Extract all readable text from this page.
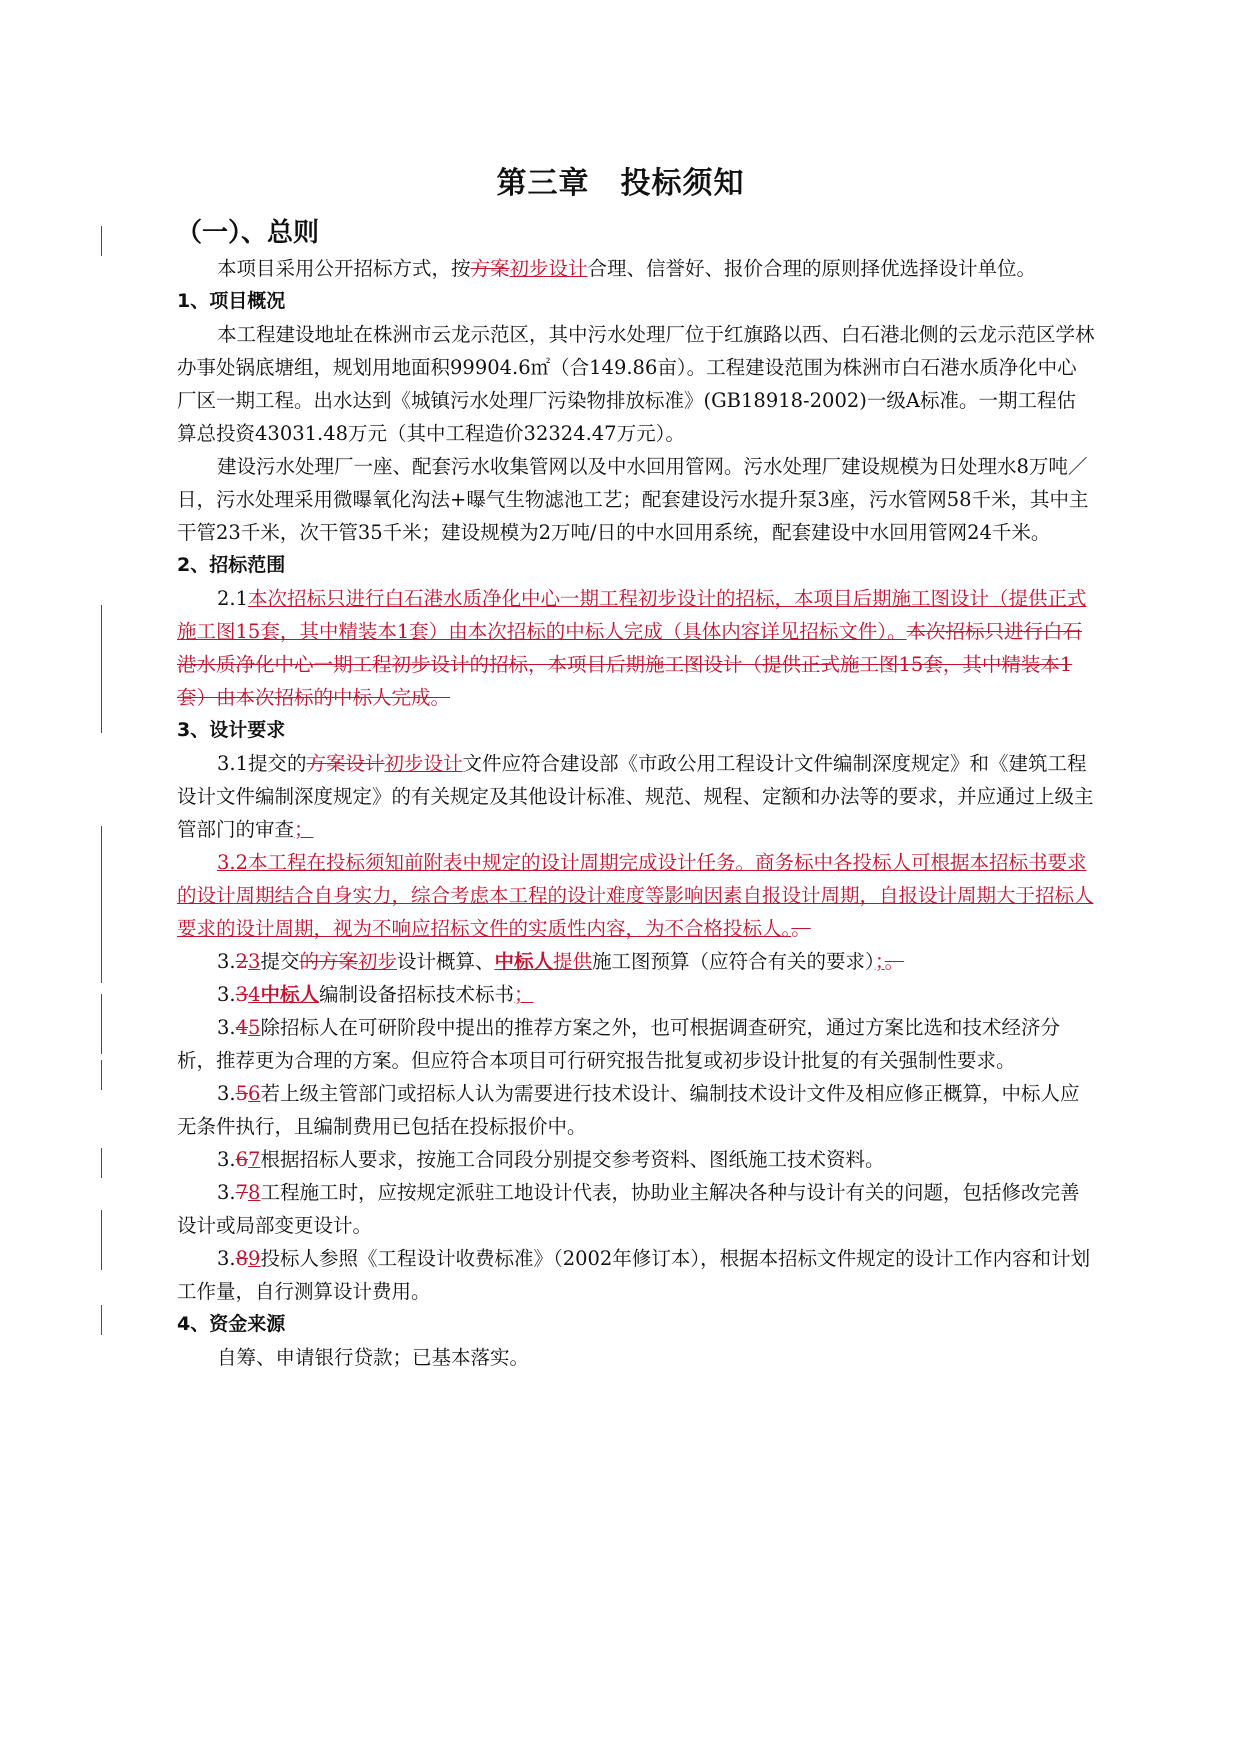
第三章　投标须知
（一）、总则

本项目采用公开招标方式，按方案初步设计合理、信誉好、报价合理的原则择优选择设计单位。

1、项目概况

本工程建设地址在株洲市云龙示范区，其中污水处理厂位于红旗路以西、白石港北侧的云龙示范区学林办事处锅底塘组，规划用地面积99904.6㎡（合149.86亩）。工程建设范围为株洲市白石港水质净化中心厂区一期工程。出水达到《城镇污水处理厂污染物排放标准》(GB18918-2002)一级A标准。一期工程估算总投资43031.48万元（其中工程造价32324.47万元）。

建设污水处理厂一座、配套污水收集管网以及中水回用管网。污水处理厂建设规模为日处理水8万吨／日，污水处理采用微曝氧化沟法+曝气生物滤池工艺；配套建设污水提升泵3座，污水管网58千米，其中主干管23千米，次干管35千米；建设规模为2万吨/日的中水回用系统，配套建设中水回用管网24千米。

2、招标范围

2.1本次招标只进行白石港水质净化中心一期工程初步设计的招标，本项目后期施工图设计（提供正式施工图15套，其中精装本1套）由本次招标的中标人完成（具体内容详见招标文件）。本次招标只进行白石港水质净化中心一期工程初步设计的招标，本项目后期施工图设计（提供正式施工图15套，其中精装本1套）由本次招标的中标人完成。

3、设计要求

3.1提交的方案设计初步设计文件应符合建设部《市政公用工程设计文件编制深度规定》和《建筑工程设计文件编制深度规定》的有关规定及其他设计标准、规范、规程、定额和办法等的要求，并应通过上级主管部门的审查；

3.2本工程在投标须知前附表中规定的设计周期完成设计任务。商务标中各投标人可根据本招标书要求的设计周期结合自身实力，综合考虑本工程的设计难度等影响因素自报设计周期，自报设计周期大于招标人要求的设计周期，视为不响应招标文件的实质性内容，为不合格投标人。。

3.23提交的方案初步设计概算、中标人提供施工图预算（应符合有关的要求）；。

3.34中标人编制设备招标技术标书；

3.45除招标人在可研阶段中提出的推荐方案之外，也可根据调查研究，通过方案比选和技术经济分析，推荐更为合理的方案。但应符合本项目可行研究报告批复或初步设计批复的有关强制性要求。

3.56若上级主管部门或招标人认为需要进行技术设计、编制技术设计文件及相应修正概算，中标人应无条件执行，且编制费用已包括在投标报价中。

3.67根据招标人要求，按施工合同段分别提交参考资料、图纸施工技术资料。

3.78工程施工时，应按规定派驻工地设计代表，协助业主解决各种与设计有关的问题，包括修改完善设计或局部变更设计。

3.89投标人参照《工程设计收费标准》（2002年修订本），根据本招标文件规定的设计工作内容和计划工作量，自行测算设计费用。

4、资金来源

自筹、申请银行贷款；已基本落实。
